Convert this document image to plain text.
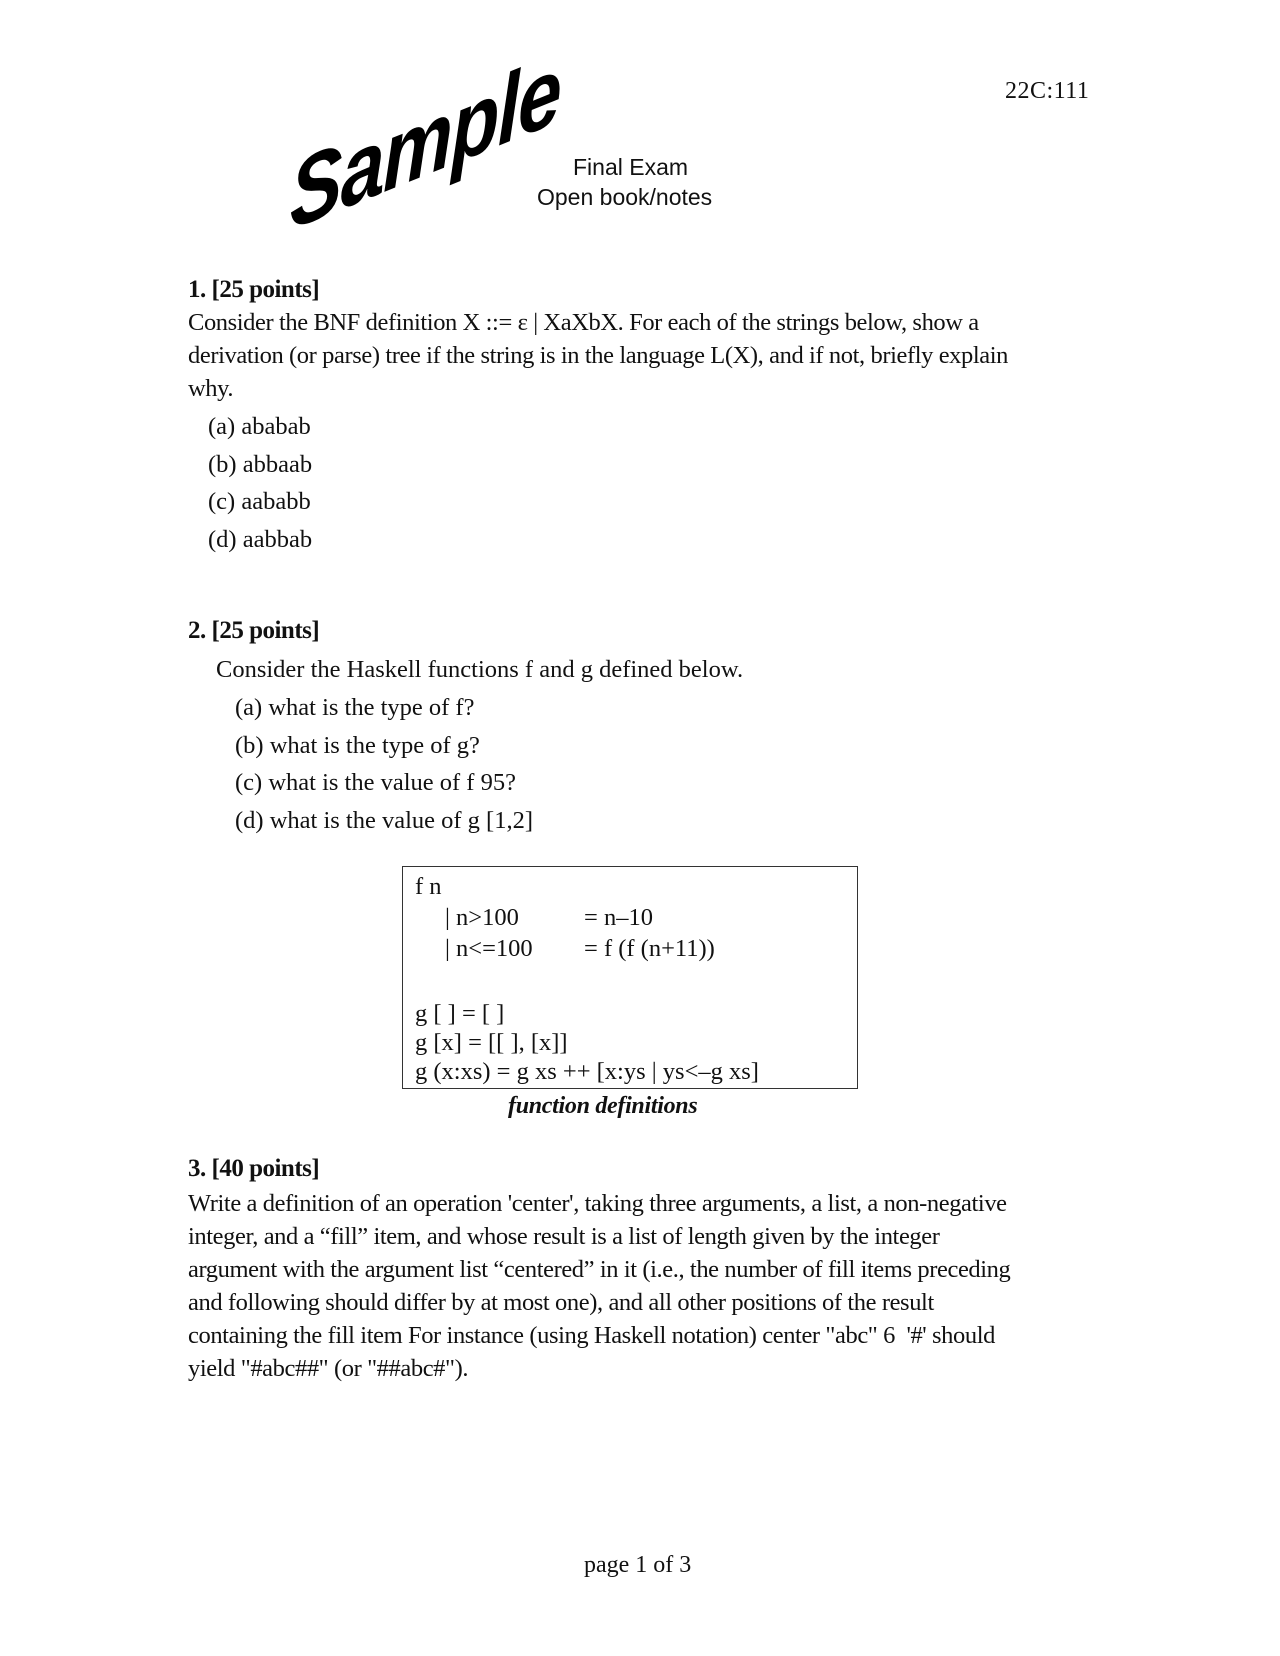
22C:111
Sample Final Exam
Open book/notes
1. [25 points]
Consider the BNF definition X ::= ε | XaXbX. For each of the strings below, show a
derivation (or parse) tree if the string is in the language L(X), and if not, briefly explain
why.
(a) ababab
(b) abbaab
(c) aababb
(d) aabbab
2. [25 points]
Consider the Haskell functions f and g defined below.
(a) what is the type of f?
(b) what is the type of g?
(c) what is the value of f 95?
(d) what is the value of g [1,2]
f n
| n>100	= n–10
| n<=100 = f (f (n+11))
g [ ] = [ ]
g [x] = [[ ], [x]]
g (x:xs) = g xs ++ [x:ys | ys<–g xs]
function definitions
3. [40 points]
Write a definition of an operation 'center', taking three arguments, a list, a non-negative
integer, and a “fill” item, and whose result is a list of length given by the integer
argument with the argument list “centered” in it (i.e., the number of fill items preceding
and following should differ by at most one), and all other positions of the result
containing the fill item For instance (using Haskell notation) center "abc" 6  '#' should
yield "#abc##" (or "##abc#").
page 1 of 3
